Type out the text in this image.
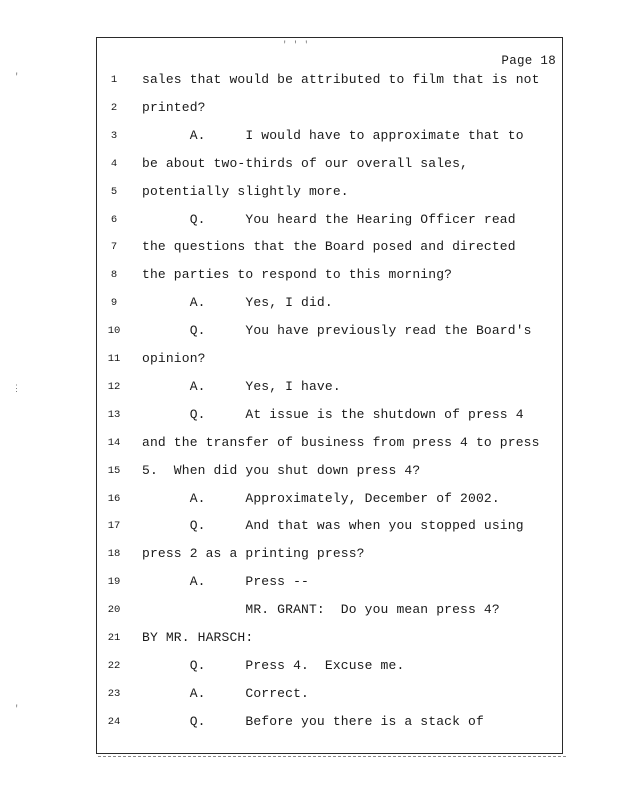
' ' '
'
⋮
'
Page 18
1	sales that would be attributed to film that is not
2	printed?
3	A.     I would have to approximate that to
4	be about two-thirds of our overall sales,
5	potentially slightly more.
6	Q.     You heard the Hearing Officer read
7	the questions that the Board posed and directed
8	the parties to respond to this morning?
9	A.     Yes, I did.
10	Q.     You have previously read the Board's
11	opinion?
12	A.     Yes, I have.
13	Q.     At issue is the shutdown of press 4
14	and the transfer of business from press 4 to press
15	5.  When did you shut down press 4?
16	A.     Approximately, December of 2002.
17	Q.     And that was when you stopped using
18	press 2 as a printing press?
19	A.     Press --
20	MR. GRANT:  Do you mean press 4?
21	BY MR. HARSCH:
22	Q.     Press 4.  Excuse me.
23	A.     Correct.
24	Q.     Before you there is a stack of
